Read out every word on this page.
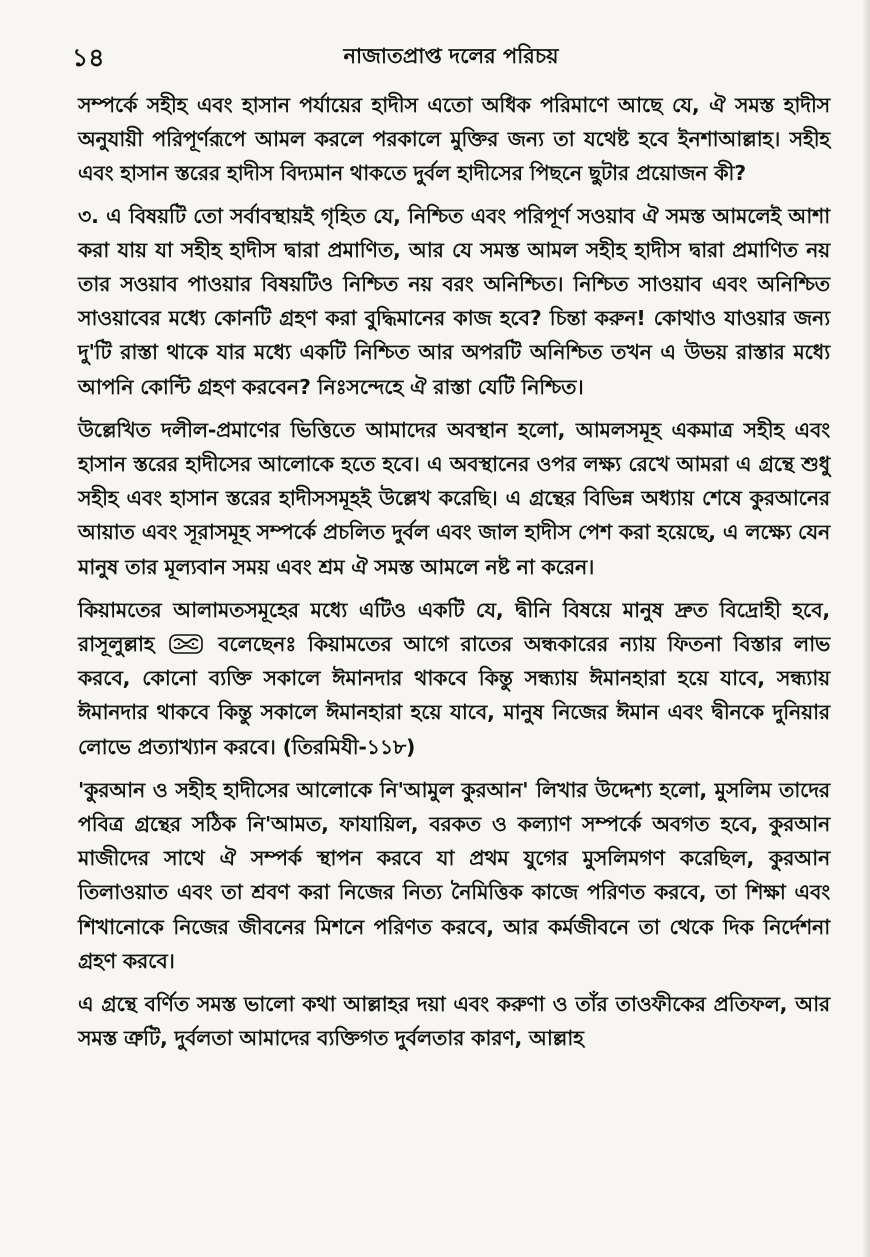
১৪	নাজাতপ্রাপ্ত দলের পরিচয়

সম্পর্কে সহীহ এবং হাসান পর্যায়ের হাদীস এতো অধিক পরিমাণে আছে যে, ঐ সমস্ত হাদীস অনুযায়ী পরিপূর্ণরূপে আমল করলে পরকালে মুক্তির জন্য তা যথেষ্ট হবে ইনশাআল্লাহ। সহীহ এবং হাসান স্তরের হাদীস বিদ্যমান থাকতে দুর্বল হাদীসের পিছনে ছুটার প্রয়োজন কী?

৩. এ বিষয়টি তো সর্বাবস্থায়ই গৃহিত যে, নিশ্চিত এবং পরিপূর্ণ সওয়াব ঐ সমস্ত আমলেই আশা করা যায় যা সহীহ হাদীস দ্বারা প্রমাণিত, আর যে সমস্ত আমল সহীহ হাদীস দ্বারা প্রমাণিত নয় তার সওয়াব পাওয়ার বিষয়টিও নিশ্চিত নয় বরং অনিশ্চিত। নিশ্চিত সাওয়াব এবং অনিশ্চিত সাওয়াবের মধ্যে কোনটি গ্রহণ করা বুদ্ধিমানের কাজ হবে? চিন্তা করুন! কোথাও যাওয়ার জন্য দু'টি রাস্তা থাকে যার মধ্যে একটি নিশ্চিত আর অপরটি অনিশ্চিত তখন এ উভয় রাস্তার মধ্যে আপনি কোন্টি গ্রহণ করবেন? নিঃসন্দেহে ঐ রাস্তা যেটি নিশ্চিত।

উল্লেখিত দলীল-প্রমাণের ভিত্তিতে আমাদের অবস্থান হলো, আমলসমূহ একমাত্র সহীহ এবং হাসান স্তরের হাদীসের আলোকে হতে হবে। এ অবস্থানের ওপর লক্ষ্য রেখে আমরা এ গ্রন্থে শুধু সহীহ এবং হাসান স্তরের হাদীসসমূহই উল্লেখ করেছি। এ গ্রন্থের বিভিন্ন অধ্যায় শেষে কুরআনের আয়াত এবং সূরাসমূহ সম্পর্কে প্রচলিত দুর্বল এবং জাল হাদীস পেশ করা হয়েছে, এ লক্ষ্যে যেন মানুষ তার মূল্যবান সময় এবং শ্রম ঐ সমস্ত আমলে নষ্ট না করেন।

কিয়ামতের আলামতসমূহের মধ্যে এটিও একটি যে, দ্বীনি বিষয়ে মানুষ দ্রুত বিদ্রোহী হবে, রাসূলুল্লাহ	বলেছেনঃ কিয়ামতের আগে রাতের অন্ধকারের ন্যায় ফিতনা বিস্তার লাভ করবে, কোনো ব্যক্তি সকালে ঈমানদার থাকবে কিন্তু সন্ধ্যায় ঈমানহারা হয়ে যাবে, সন্ধ্যায় ঈমানদার থাকবে কিন্তু সকালে ঈমানহারা হয়ে যাবে, মানুষ নিজের ঈমান এবং দ্বীনকে দুনিয়ার লোভে প্রত্যাখ্যান করবে। (তিরমিযী-১১৮)

'কুরআন ও সহীহ হাদীসের আলোকে নি'আমুল কুরআন' লিখার উদ্দেশ্য হলো, মুসলিম তাদের পবিত্র গ্রন্থের সঠিক নি'আমত, ফাযায়িল, বরকত ও কল্যাণ সম্পর্কে অবগত হবে, কুরআন মাজীদের সাথে ঐ সম্পর্ক স্থাপন করবে যা প্রথম যুগের মুসলিমগণ করেছিল, কুরআন তিলাওয়াত এবং তা শ্রবণ করা নিজের নিত্য নৈমিত্তিক কাজে পরিণত করবে, তা শিক্ষা এবং শিখানোকে নিজের জীবনের মিশনে পরিণত করবে, আর কর্মজীবনে তা থেকে দিক নির্দেশনা গ্রহণ করবে।

এ গ্রন্থে বর্ণিত সমস্ত ভালো কথা আল্লাহর দয়া এবং করুণা ও তাঁর তাওফীকের প্রতিফল, আর সমস্ত ত্রুটি, দুর্বলতা আমাদের ব্যক্তিগত দুর্বলতার কারণ, আল্লাহ
